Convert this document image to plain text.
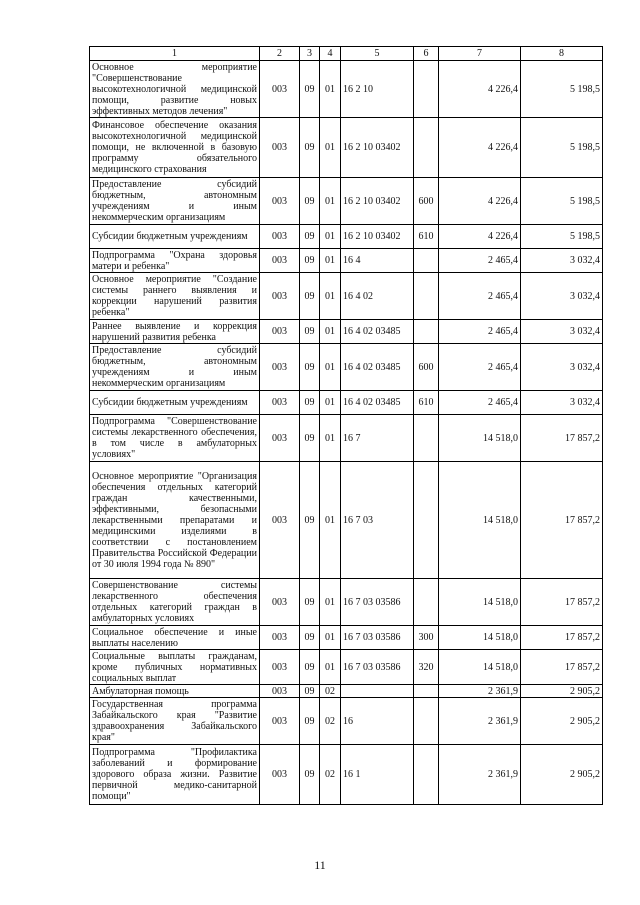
1	2	3	4	5	6	7	8
Основное мероприятие "Совершенствование высокотехнологичной медицинской помощи, развитие новых эффективных методов лечения"	003	09	01	16 2 10		4 226,4	5 198,5
Финансовое обеспечение оказания высокотехнологичной медицинской помощи, не включенной в базовую программу обязательного медицинского страхования	003	09	01	16 2 10 03402		4 226,4	5 198,5
Предоставление субсидий бюджетным, автономным учреждениям и иным некоммерческим организациям	003	09	01	16 2 10 03402	600	4 226,4	5 198,5
Субсидии бюджетным учреждениям	003	09	01	16 2 10 03402	610	4 226,4	5 198,5
Подпрограмма "Охрана здоровья матери и ребенка"	003	09	01	16 4		2 465,4	3 032,4
Основное мероприятие "Создание системы раннего выявления и коррекции нарушений развития ребенка"	003	09	01	16 4 02		2 465,4	3 032,4
Раннее выявление и коррекция нарушений развития ребенка	003	09	01	16 4 02 03485		2 465,4	3 032,4
Предоставление субсидий бюджетным, автономным учреждениям и иным некоммерческим организациям	003	09	01	16 4 02 03485	600	2 465,4	3 032,4
Субсидии бюджетным учреждениям	003	09	01	16 4 02 03485	610	2 465,4	3 032,4
Подпрограмма "Совершенствование системы лекарственного обеспечения, в том числе в амбулаторных условиях"	003	09	01	16 7		14 518,0	17 857,2
Основное мероприятие "Организация обеспечения отдельных категорий граждан качественными, эффективными, безопасными лекарственными препаратами и медицинскими изделиями в соответствии с постановлением Правительства Российской Федерации от 30 июля 1994 года № 890"	003	09	01	16 7 03		14 518,0	17 857,2
Совершенствование системы лекарственного обеспечения отдельных категорий граждан в амбулаторных условиях	003	09	01	16 7 03 03586		14 518,0	17 857,2
Социальное обеспечение и иные выплаты населению	003	09	01	16 7 03 03586	300	14 518,0	17 857,2
Социальные выплаты гражданам, кроме публичных нормативных социальных выплат	003	09	01	16 7 03 03586	320	14 518,0	17 857,2
Амбулаторная помощь	003	09	02			2 361,9	2 905,2
Государственная программа Забайкальского края "Развитие здравоохранения Забайкальского края"	003	09	02	16		2 361,9	2 905,2
Подпрограмма "Профилактика заболеваний и формирование здорового образа жизни. Развитие первичной медико-санитарной помощи"	003	09	02	16 1		2 361,9	2 905,2
11
